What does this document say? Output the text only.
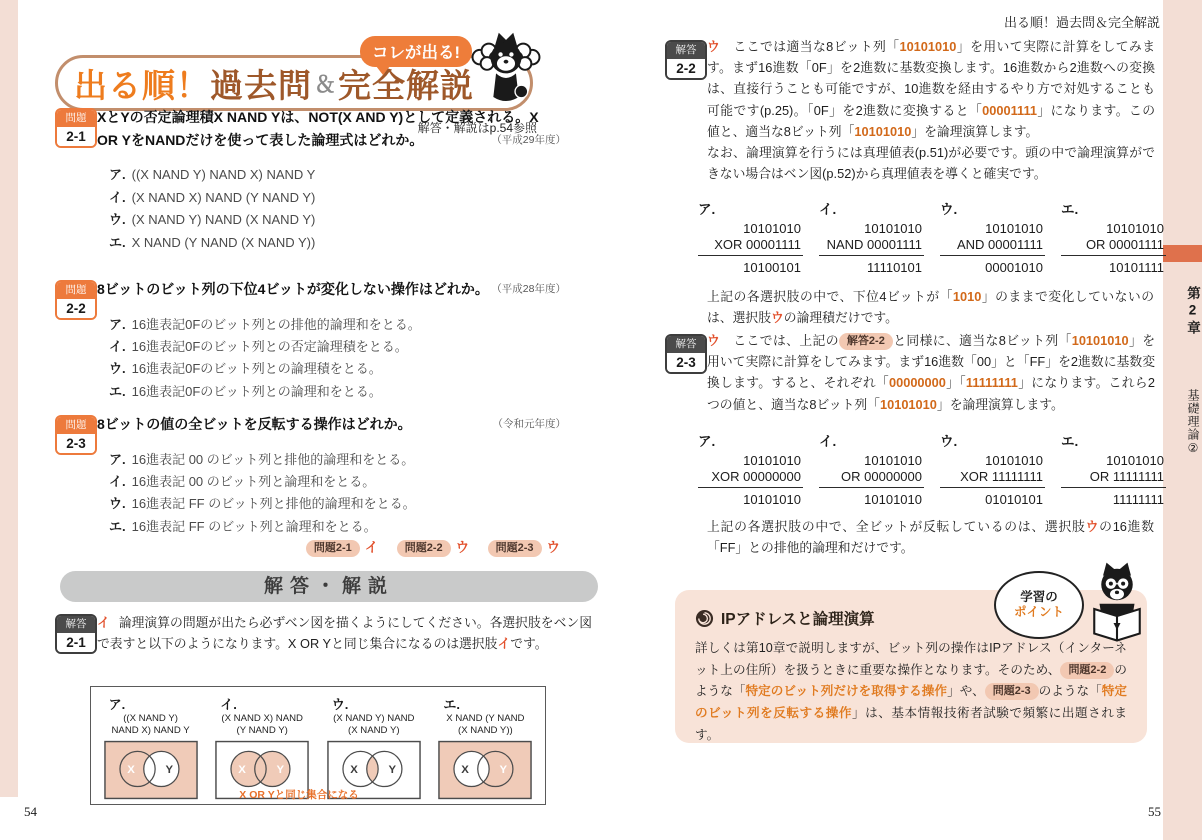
第2章
基礎理論②
出る順！過去問＆完全解説
出る順！ 過去問 ＆ 完全解説
コレが出る!
解答・解説はp.54参照
問題
2-1
XとYの否定論理積X NAND Yは、NOT(X AND Y)として定義される。X OR YをNANDだけを使って表した論理式はどれか。	（平成29年度）
ア. ((X NAND Y) NAND X) NAND Y
イ. (X NAND X) NAND (Y NAND Y)
ウ. (X NAND Y) NAND (X NAND Y)
エ. X NAND (Y NAND (X NAND Y))
問題
2-2
8ビットのビット列の下位4ビットが変化しない操作はどれか。 （平成28年度）
ア. 16進表記0Fのビット列との排他的論理和をとる。
イ. 16進表記0Fのビット列との否定論理積をとる。
ウ. 16進表記0Fのビット列との論理積をとる。
エ. 16進表記0Fのビット列との論理和をとる。
問題
2-3
8ビットの値の全ビットを反転する操作はどれか。	（令和元年度）
ア. 16進表記 00 のビット列と排他的論理和をとる。
イ. 16進表記 00 のビット列と論理和をとる。
ウ. 16進表記 FF のビット列と排他的論理和をとる。
エ. 16進表記 FF のビット列と論理和をとる。
問題2-1 イ 問題2-2 ウ 問題2-3 ウ
解答・解説
解答
2-1
イ 論理演算の問題が出たら必ずベン図を描くようにしてください。各選択肢をベン図で表すと以下のようになります。X OR Yと同じ集合になるのは選択肢イです。
ア.
((X NAND Y)
NAND X) NAND Y
X	Y
イ.
(X NAND X) NAND
(Y NAND Y)
X	Y
ウ.
(X NAND Y) NAND
(X NAND Y)
X	Y
エ.
X NAND (Y NAND
(X NAND Y))
X	Y
X OR Yと同じ集合になる
解答
2-2
ウ　ここでは適当な8ビット列「10101010」を用いて実際に計算をしてみます。まず16進数「0F」を2進数に基数変換します。16進数から2進数への変換は、直接行うことも可能ですが、10進数を経由するやり方で対処することも可能です(p.25)。「0F」を2進数に変換すると「00001111」になります。この値と、適当な8ビット列「10101010」を論理演算します。
なお、論理演算を行うには真理値表(p.51)が必要です。頭の中で論理演算ができない場合はベン図(p.52)から真理値表を導くと確実です。
ア.
10101010
XOR 00001111
10100101
イ.
10101010
NAND 00001111
11110101
ウ.
10101010
AND 00001111
00001010
エ.
10101010
OR 00001111
10101111
上記の各選択肢の中で、下位4ビットが「1010」のままで変化していないのは、選択肢ウの論理積だけです。
解答
2-3
ウ　ここでは、上記の 解答2-2 と同様に、適当な8ビット列「10101010」を用いて実際に計算をしてみます。まず16進数「00」と「FF」を2進数に基数変換します。すると、それぞれ「00000000」「11111111」になります。これら2つの値と、適当な8ビット列「10101010」を論理演算します。
ア.
10101010
XOR 00000000
10101010
イ.
10101010
OR 00000000
10101010
ウ.
10101010
XOR 11111111
01010101
エ.
10101010
OR 11111111
11111111
上記の各選択肢の中で、全ビットが反転しているのは、選択肢ウの16進数「FF」との排他的論理和だけです。
IPアドレスと論理演算
詳しくは第10章で説明しますが、ビット列の操作はIPアドレス（インターネット上の住所）を扱うときに重要な操作となります。そのため、 問題2-2 のような「特定のビット列だけを取得する操作」や、 問題2-3 のような「特定のビット列を反転する操作」は、基本情報技術者試験で頻繁に出題されます。
学習の
ポイント
54	55
